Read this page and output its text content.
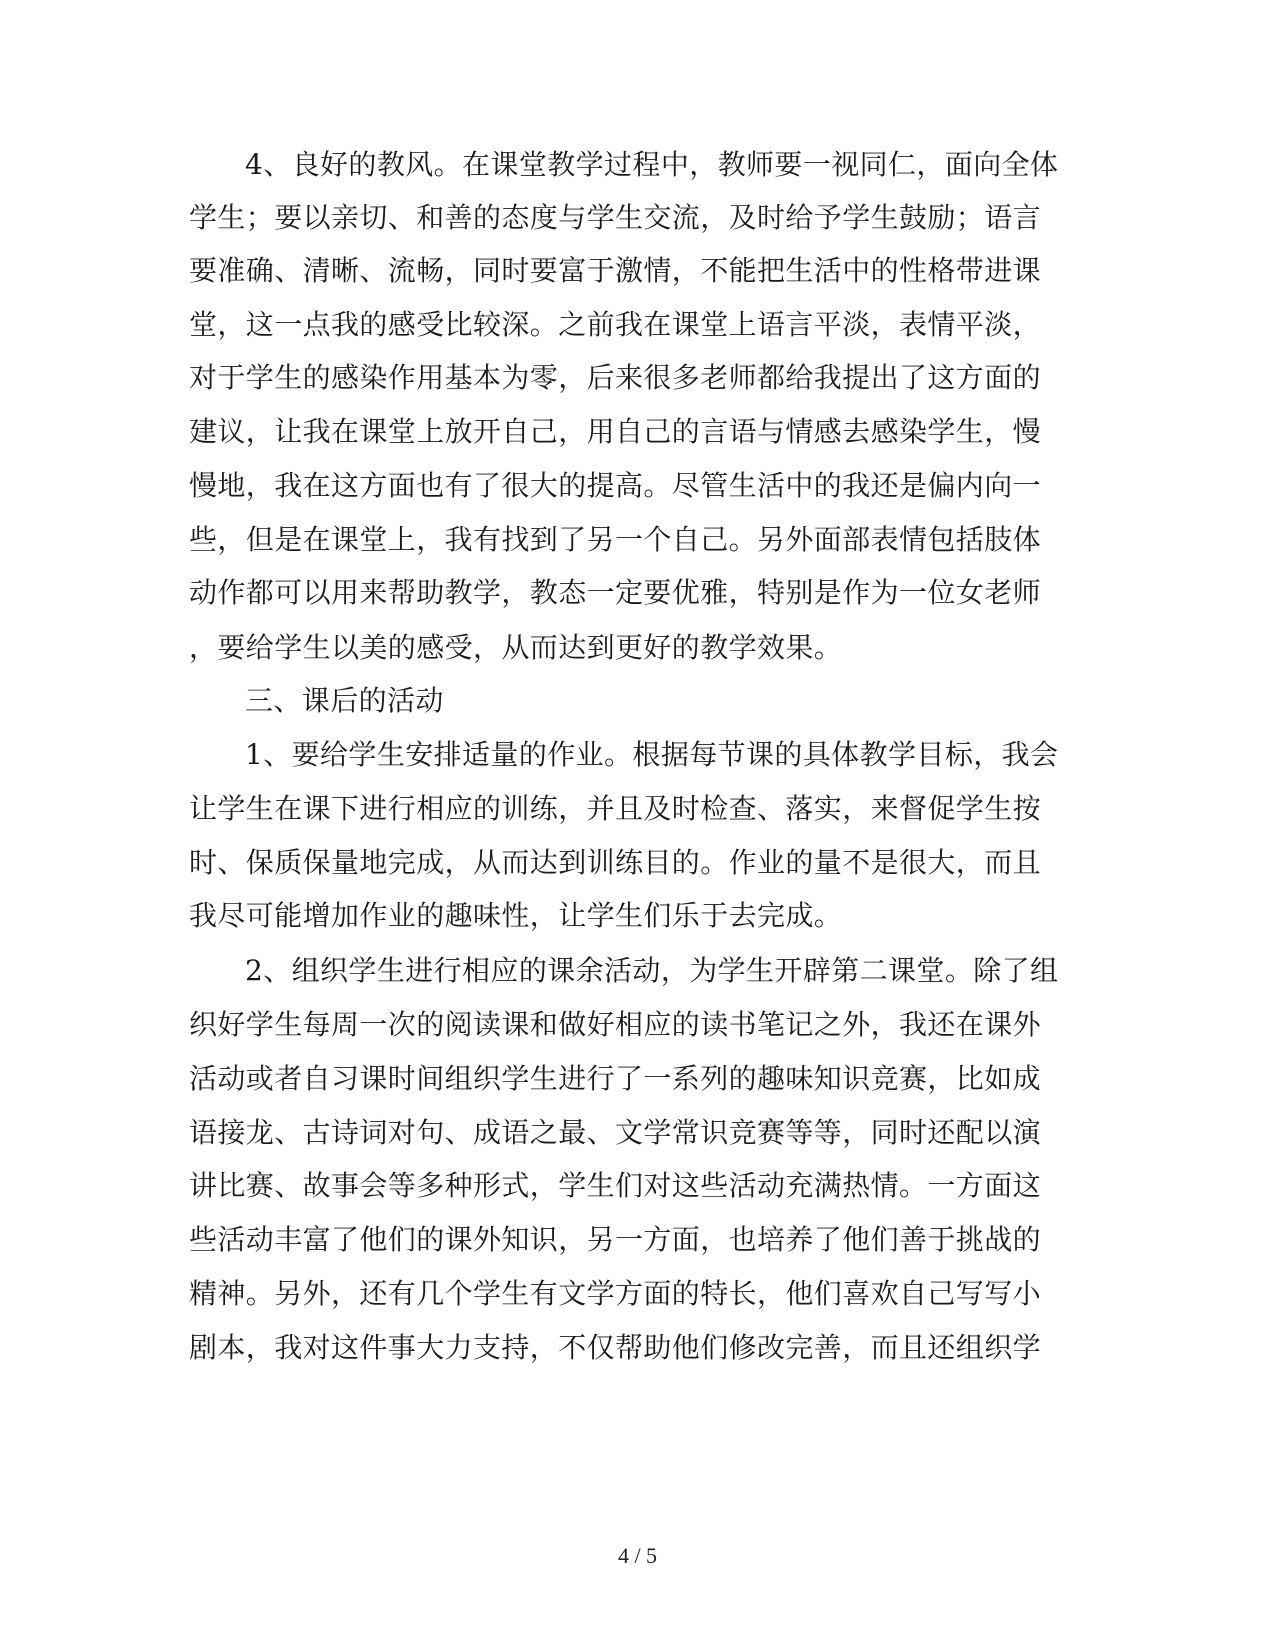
4、良好的教风。在课堂教学过程中，教师要一视同仁，面向全体
学生；要以亲切、和善的态度与学生交流，及时给予学生鼓励；语言
要准确、清晰、流畅，同时要富于激情，不能把生活中的性格带进课
堂，这一点我的感受比较深。之前我在课堂上语言平淡，表情平淡，
对于学生的感染作用基本为零，后来很多老师都给我提出了这方面的
建议，让我在课堂上放开自己，用自己的言语与情感去感染学生，慢
慢地，我在这方面也有了很大的提高。尽管生活中的我还是偏内向一
些，但是在课堂上，我有找到了另一个自己。另外面部表情包括肢体
动作都可以用来帮助教学，教态一定要优雅，特别是作为一位女老师
，要给学生以美的感受，从而达到更好的教学效果。
三、课后的活动
1、要给学生安排适量的作业。根据每节课的具体教学目标，我会
让学生在课下进行相应的训练，并且及时检查、落实，来督促学生按
时、保质保量地完成，从而达到训练目的。作业的量不是很大，而且
我尽可能增加作业的趣味性，让学生们乐于去完成。
2、组织学生进行相应的课余活动，为学生开辟第二课堂。除了组
织好学生每周一次的阅读课和做好相应的读书笔记之外，我还在课外
活动或者自习课时间组织学生进行了一系列的趣味知识竞赛，比如成
语接龙、古诗词对句、成语之最、文学常识竞赛等等，同时还配以演
讲比赛、故事会等多种形式，学生们对这些活动充满热情。一方面这
些活动丰富了他们的课外知识，另一方面，也培养了他们善于挑战的
精神。另外，还有几个学生有文学方面的特长，他们喜欢自己写写小
剧本，我对这件事大力支持，不仅帮助他们修改完善，而且还组织学
4 / 5
